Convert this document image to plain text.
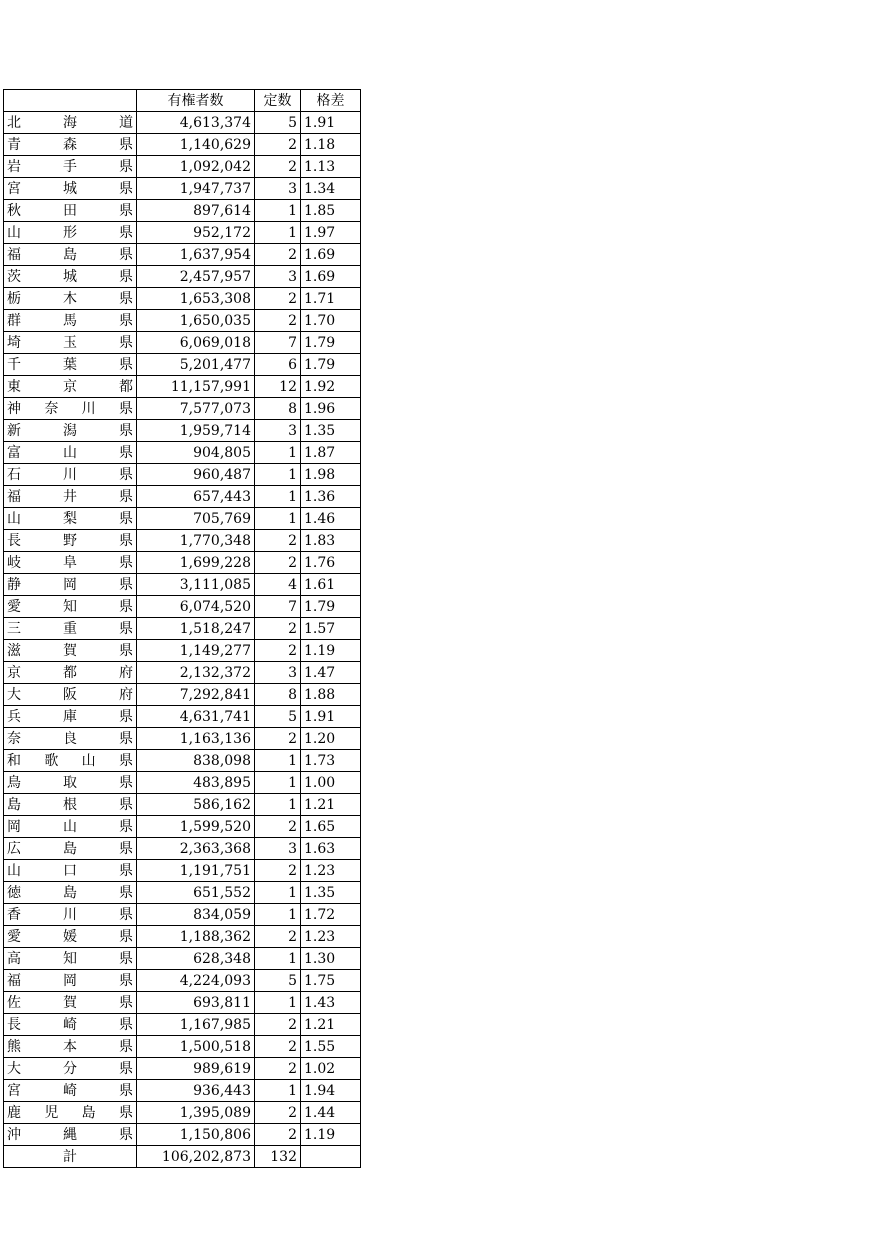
	有権者数	定数	格差

北 海 道	4,613,374	5	1.91

青 森 県	1,140,629	2	1.18

岩 手 県	1,092,042	2	1.13

宮 城 県	1,947,737	3	1.34

秋 田 県	897,614	1	1.85

山 形 県	952,172	1	1.97

福 島 県	1,637,954	2	1.69

茨 城 県	2,457,957	3	1.69

栃 木 県	1,653,308	2	1.71

群 馬 県	1,650,035	2	1.70

埼 玉 県	6,069,018	7	1.79

千 葉 県	5,201,477	6	1.79

東 京 都	11,157,991	12	1.92

神 奈 川 県	7,577,073	8	1.96

新 潟 県	1,959,714	3	1.35

富 山 県	904,805	1	1.87

石 川 県	960,487	1	1.98

福 井 県	657,443	1	1.36

山 梨 県	705,769	1	1.46

長 野 県	1,770,348	2	1.83

岐 阜 県	1,699,228	2	1.76

静 岡 県	3,111,085	4	1.61

愛 知 県	6,074,520	7	1.79

三 重 県	1,518,247	2	1.57

滋 賀 県	1,149,277	2	1.19

京 都 府	2,132,372	3	1.47

大 阪 府	7,292,841	8	1.88

兵 庫 県	4,631,741	5	1.91

奈 良 県	1,163,136	2	1.20

和 歌 山 県	838,098	1	1.73

鳥 取 県	483,895	1	1.00

島 根 県	586,162	1	1.21

岡 山 県	1,599,520	2	1.65

広 島 県	2,363,368	3	1.63

山 口 県	1,191,751	2	1.23

徳 島 県	651,552	1	1.35

香 川 県	834,059	1	1.72

愛 媛 県	1,188,362	2	1.23

高 知 県	628,348	1	1.30

福 岡 県	4,224,093	5	1.75

佐 賀 県	693,811	1	1.43

長 崎 県	1,167,985	2	1.21

熊 本 県	1,500,518	2	1.55

大 分 県	989,619	2	1.02

宮 崎 県	936,443	1	1.94

鹿 児 島 県	1,395,089	2	1.44

沖 縄 県	1,150,806	2	1.19
計	106,202,873	132	
